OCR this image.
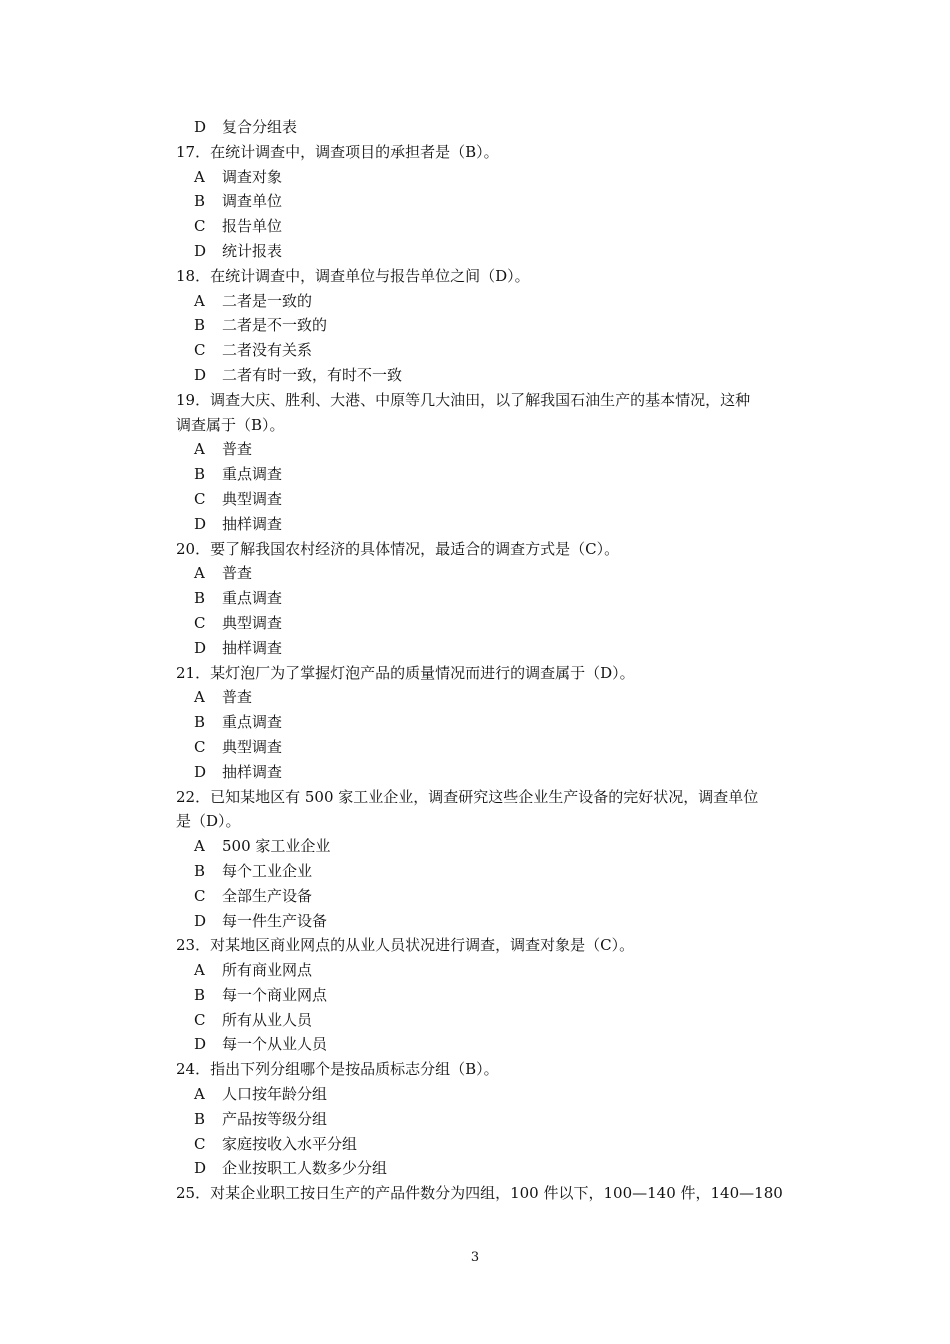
D 复合分组表
17．在统计调查中，调查项目的承担者是（B）。
A 调查对象
B 调查单位
C 报告单位
D 统计报表
18．在统计调查中，调查单位与报告单位之间（D）。
A 二者是一致的
B 二者是不一致的
C 二者没有关系
D 二者有时一致，有时不一致
19．调查大庆、胜利、大港、中原等几大油田，以了解我国石油生产的基本情况，这种
调查属于（B）。
A 普查
B 重点调查
C 典型调查
D 抽样调查
20．要了解我国农村经济的具体情况，最适合的调查方式是（C）。
A 普查
B 重点调查
C 典型调查
D 抽样调查
21．某灯泡厂为了掌握灯泡产品的质量情况而进行的调查属于（D）。
A 普查
B 重点调查
C 典型调查
D 抽样调查
22．已知某地区有 500 家工业企业，调查研究这些企业生产设备的完好状况，调查单位
是（D）。
A 500 家工业企业
B 每个工业企业
C 全部生产设备
D 每一件生产设备
23．对某地区商业网点的从业人员状况进行调查，调查对象是（C）。
A 所有商业网点
B 每一个商业网点
C 所有从业人员
D 每一个从业人员
24．指出下列分组哪个是按品质标志分组（B）。
A 人口按年龄分组
B 产品按等级分组
C 家庭按收入水平分组
D 企业按职工人数多少分组
25．对某企业职工按日生产的产品件数分为四组，100 件以下，100—140 件，140—180
3
